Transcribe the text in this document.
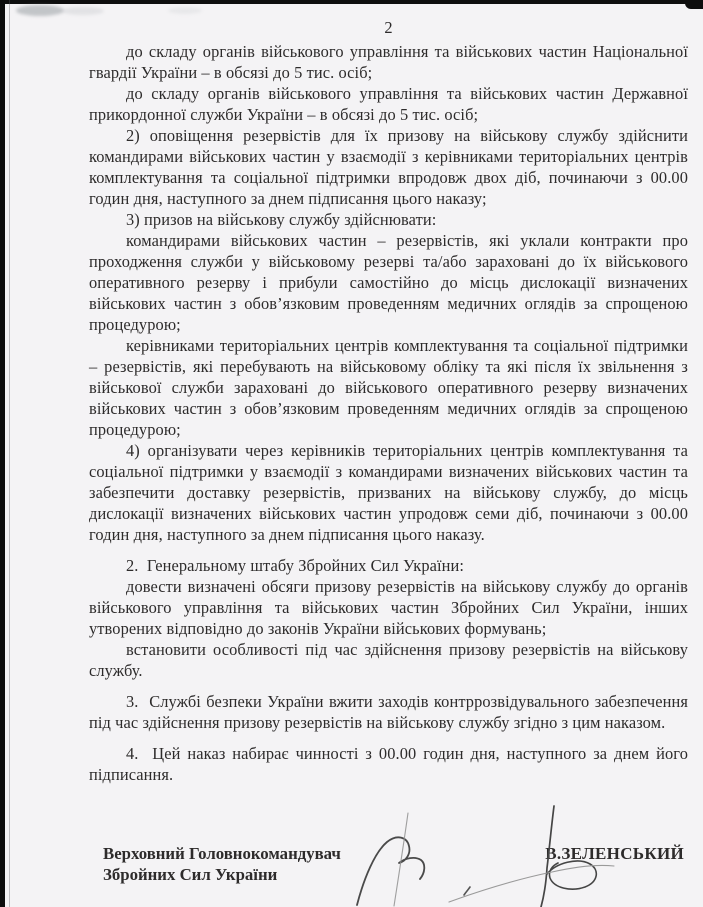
2

до складу органів військового управління та військових частин Національної гвардії України – в обсязі до 5 тис. осіб;

до складу органів військового управління та військових частин Державної прикордонної служби України – в обсязі до 5 тис. осіб;

2) оповіщення резервістів для їх призову на військову службу здійснити командирами військових частин у взаємодії з керівниками територіальних центрів комплектування та соціальної підтримки впродовж двох діб, починаючи з 00.00 годин дня, наступного за днем підписання цього наказу;

3) призов на військову службу здійснювати:

командирами військових частин – резервістів, які уклали контракти про проходження служби у військовому резерві та/або зараховані до їх військового оперативного резерву і прибули самостійно до місць дислокації визначених військових частин з обов’язковим проведенням медичних оглядів за спрощеною процедурою;

керівниками територіальних центрів комплектування та соціальної підтримки – резервістів, які перебувають на військовому обліку та які після їх звільнення з військової служби зараховані до військового оперативного резерву визначених військових частин з обов’язковим проведенням медичних оглядів за спрощеною процедурою;

4) організувати через керівників територіальних центрів комплектування та соціальної підтримки у взаємодії з командирами визначених військових частин та забезпечити доставку резервістів, призваних на військову службу, до місць дислокації визначених військових частин упродовж семи діб, починаючи з 00.00 годин дня, наступного за днем підписання цього наказу.

2.  Генеральному штабу Збройних Сил України:

довести визначені обсяги призову резервістів на військову службу до органів військового управління та військових частин Збройних Сил України, інших утворених відповідно до законів України військових формувань;

встановити особливості під час здійснення призову резервістів на військову службу.

3.  Службі безпеки України вжити заходів контррозвідувального забезпечення під час здійснення призову резервістів на військову службу згідно з цим наказом.

4.  Цей наказ набирає чинності з 00.00 годин дня, наступного за днем його підписання.

Верховний Головнокомандувач
Збройних Сил України
В.ЗЕЛЕНСЬКИЙ
